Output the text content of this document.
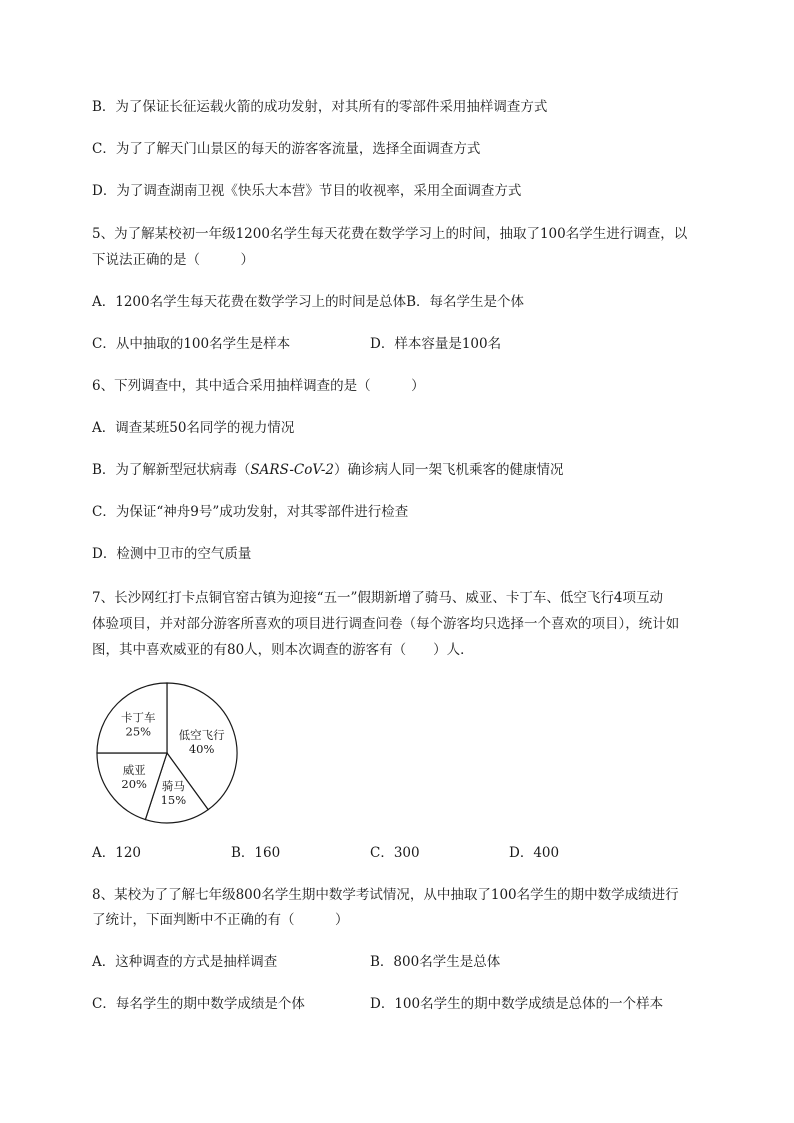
B．为了保证长征运载火箭的成功发射，对其所有的零部件采用抽样调查方式
C．为了了解天门山景区的每天的游客客流量，选择全面调查方式
D．为了调查湖南卫视《快乐大本营》节目的收视率，采用全面调查方式
5、为了解某校初一年级1200名学生每天花费在数学学习上的时间，抽取了100名学生进行调查，以
下说法正确的是（　　　）
A．1200名学生每天花费在数学学习上的时间是总体B．每名学生是个体
C．从中抽取的100名学生是样本	D．样本容量是100名
6、下列调查中，其中适合采用抽样调查的是（　　　）
A．调查某班50名同学的视力情况
B．为了解新型冠状病毒（SARS-CoV-2）确诊病人同一架飞机乘客的健康情况
C．为保证“神舟9号”成功发射，对其零部件进行检查
D．检测中卫市的空气质量
7、长沙网红打卡点铜官窑古镇为迎接“五一”假期新增了骑马、威亚、卡丁车、低空飞行4项互动
体验项目，并对部分游客所喜欢的项目进行调查问卷（每个游客均只选择一个喜欢的项目），统计如
图，其中喜欢威亚的有80人，则本次调查的游客有（　　）人．
低空飞行
40%
骑马
15%
威亚
20%
卡丁车
25%
A．120	B．160	C．300	D．400
8、某校为了了解七年级800名学生期中数学考试情况，从中抽取了100名学生的期中数学成绩进行
了统计，下面判断中不正确的有（　　　）
A．这种调查的方式是抽样调查	B．800名学生是总体
C．每名学生的期中数学成绩是个体	D．100名学生的期中数学成绩是总体的一个样本
